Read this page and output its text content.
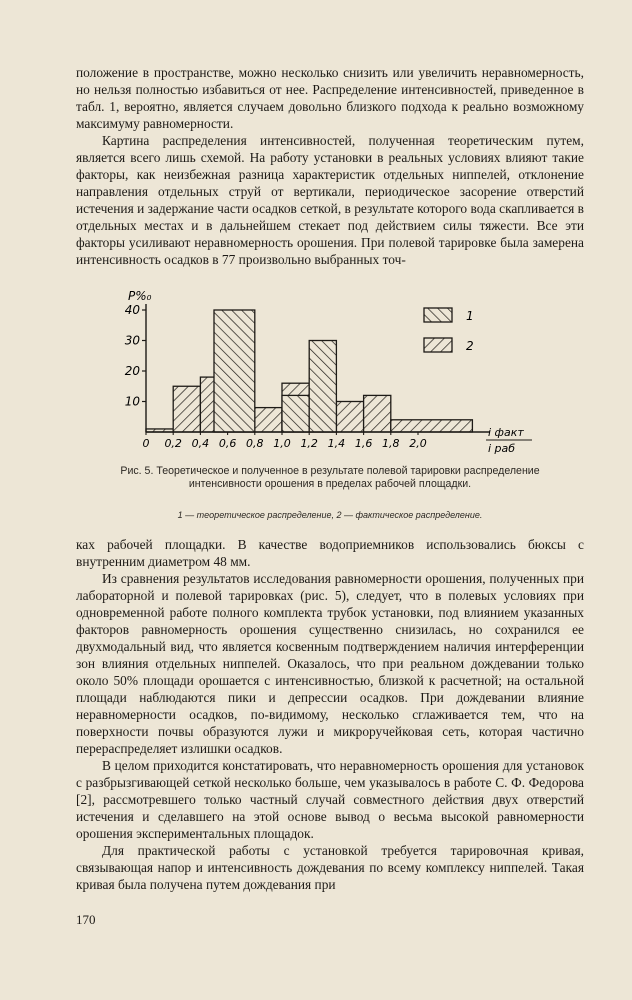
положение в пространстве, можно несколько снизить или увеличить неравномерность, но нельзя полностью избавиться от нее. Распределение интенсивностей, приведенное в табл. 1, вероятно, является случаем довольно близкого подхода к реально возможному максимуму равномерности.

Картина распределения интенсивностей, полученная теоретическим путем, является всего лишь схемой. На работу установки в реальных условиях влияют такие факторы, как неизбежная разница характеристик отдельных ниппелей, отклонение направления отдельных струй от вертикали, периодическое засорение отверстий истечения и задержание части осадков сеткой, в результате которого вода скапливается в отдельных местах и в дальнейшем стекает под действием силы тяжести. Все эти факторы усиливают неравномерность орошения. При полевой тарировке была замерена интенсивность осадков в 77 произвольно выбранных точ-

10
20
30
40
P%₀
0 0,2 0,4 0,6 0,8 1,0 1,2 1,4 1,6 1,8 2,0
i факт
i раб
1
2
Рис. 5. Теоретическое и полученное в результате полевой тарировки распределение интенсивности орошения в пределах рабочей площадки.
1 — теоретическое распределение, 2 — фактическое распределение.

ках рабочей площадки. В качестве водоприемников использовались бюксы с внутренним диаметром 48 мм.

Из сравнения результатов исследования равномерности орошения, полученных при лабораторной и полевой тарировках (рис. 5), следует, что в полевых условиях при одновременной работе полного комплекта трубок установки, под влиянием указанных факторов равномерность орошения существенно снизилась, но сохранился ее двухмодальный вид, что является косвенным подтверждением наличия интерференции зон влияния отдельных ниппелей. Оказалось, что при реальном дождевании только около 50% площади орошается с интенсивностью, близкой к расчетной; на остальной площади наблюдаются пики и депрессии осадков. При дождевании влияние неравномерности осадков, по-видимому, несколько сглаживается тем, что на поверхности почвы образуются лужи и микроручейковая сеть, которая частично перераспределяет излишки осадков.

В целом приходится констатировать, что неравномерность орошения для установок с разбрызгивающей сеткой несколько больше, чем указывалось в работе С. Ф. Федорова [2], рассмотревшего только частный случай совместного действия двух отверстий истечения и сделавшего на этой основе вывод о весьма высокой равномерности орошения экспериментальных площадок.

Для практической работы с установкой требуется тарировочная кривая, связывающая напор и интенсивность дождевания по всему комплексу ниппелей. Такая кривая была получена путем дождевания при

170
